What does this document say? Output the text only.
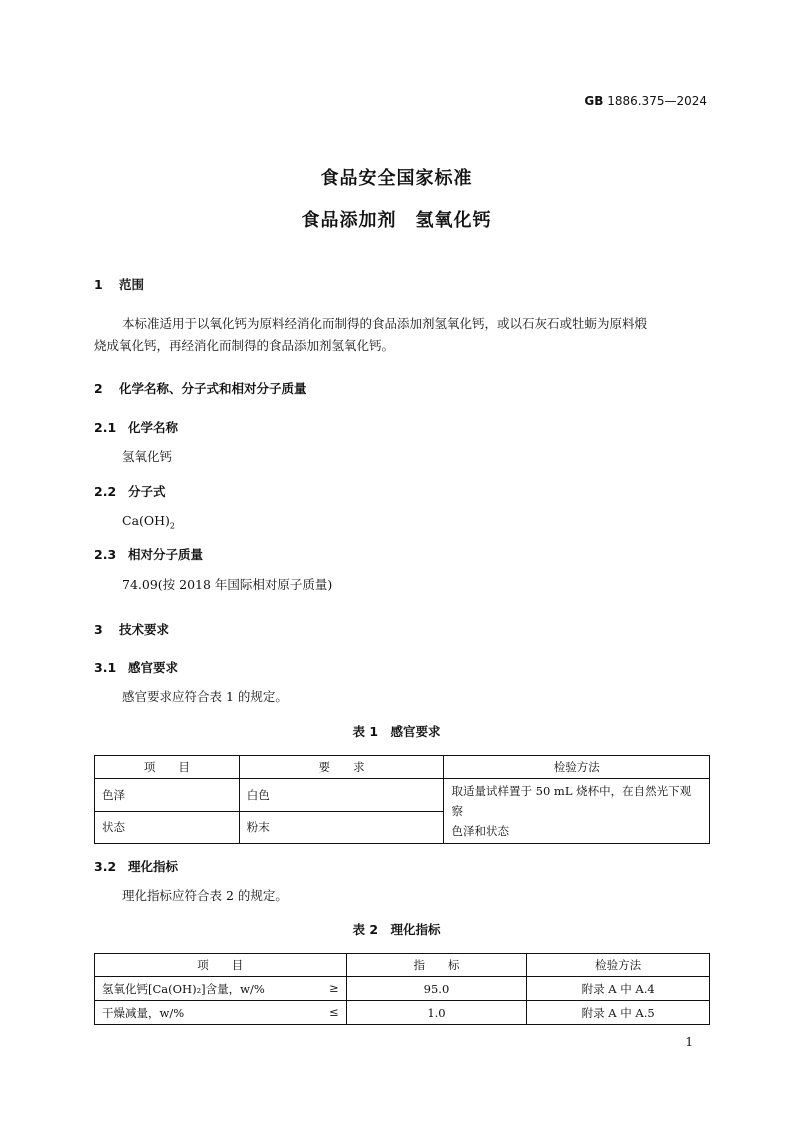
GB 1886.375—2024
食品安全国家标准
食品添加剂　氢氧化钙
1 范围
本标准适用于以氧化钙为原料经消化而制得的食品添加剂氢氧化钙，或以石灰石或牡蛎为原料煅
烧成氧化钙，再经消化而制得的食品添加剂氢氧化钙。
2 化学名称、分子式和相对分子质量
2.1 化学名称
氢氧化钙
2.2 分子式
$Ca(OH)_2$
2.3 相对分子质量
74.09(按 2018 年国际相对原子质量)
3 技术要求
3.1 感官要求
感官要求应符合表 1 的规定。
表 1　感官要求
项　　目	要　　求	检验方法
色泽	白色	取适量试样置于 50 mL 烧杯中，在自然光下观察
色泽和状态

状态	粉末	
3.2 理化指标
理化指标应符合表 2 的规定。
表 2　理化指标
项　　目	指　　标	检验方法
氢氧化钙[Ca(OH)₂]含量，w/% ≥	95.0	附录 A 中 A.4
干燥减量，w/% ≤	1.0	附录 A 中 A.5
1
